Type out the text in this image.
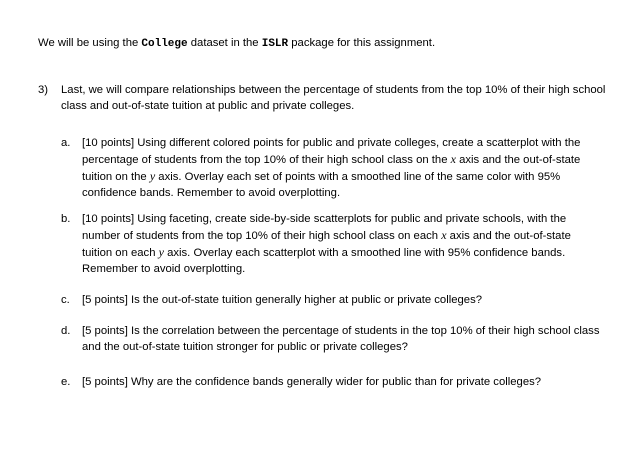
We will be using the College dataset in the ISLR package for this assignment.
3) Last, we will compare relationships between the percentage of students from the top 10% of their high school class and out-of-state tuition at public and private colleges.
a. [10 points] Using different colored points for public and private colleges, create a scatterplot with the percentage of students from the top 10% of their high school class on the x axis and the out-of-state tuition on the y axis. Overlay each set of points with a smoothed line of the same color with 95% confidence bands. Remember to avoid overplotting.
b. [10 points] Using faceting, create side-by-side scatterplots for public and private schools, with the number of students from the top 10% of their high school class on each x axis and the out-of-state tuition on each y axis. Overlay each scatterplot with a smoothed line with 95% confidence bands. Remember to avoid overplotting.
c. [5 points] Is the out-of-state tuition generally higher at public or private colleges?
d. [5 points] Is the correlation between the percentage of students in the top 10% of their high school class and the out-of-state tuition stronger for public or private colleges?
e. [5 points] Why are the confidence bands generally wider for public than for private colleges?
